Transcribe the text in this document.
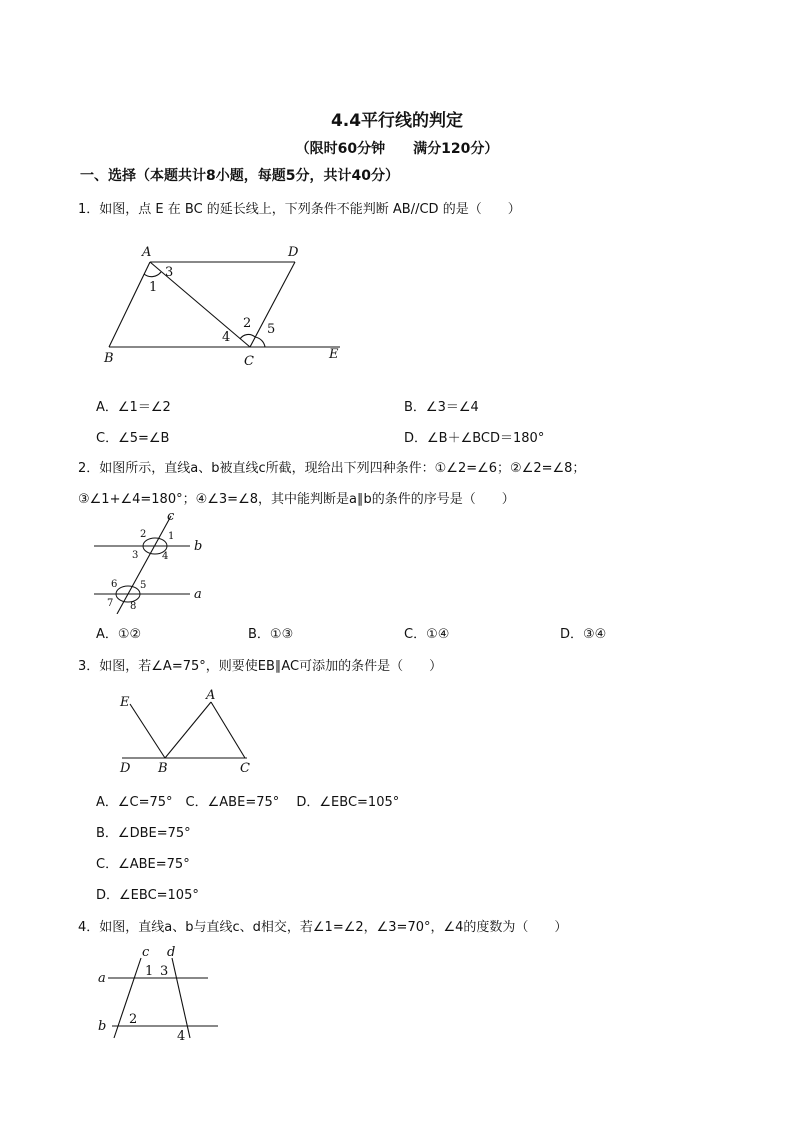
4.4平行线的判定
（限时60分钟　　满分120分）
一、选择（本题共计8小题，每题5分，共计40分）
1．如图，点 E 在 BC 的延长线上，下列条件不能判断 AB//CD 的是（　　）
A	D
B	C	E
1
2
3
4
5
A．∠1＝∠2	B．∠3＝∠4
C．∠5=∠B	D．∠B＋∠BCD＝180°
2．如图所示，直线a、b被直线c所截，现给出下列四种条件：①∠2=∠6；②∠2=∠8；
③∠1+∠4=180°；④∠3=∠8，其中能判断是a∥b的条件的序号是（　　）
c
b
a
1
2
3 4
5
6
7 8
A．①②	B．①③	C．①④	D．③④
3．如图，若∠A=75°，则要使EB∥AC可添加的条件是（　　）
E	A
D B	C
A．∠C=75°　C．∠ABE=75°　 D．∠EBC=105°
B．∠DBE=75°
C．∠ABE=75°
D．∠EBC=105°
4．如图，直线a、b与直线c、d相交，若∠1=∠2，∠3=70°，∠4的度数为（　　）
c d
a
b
1 3
2
4
